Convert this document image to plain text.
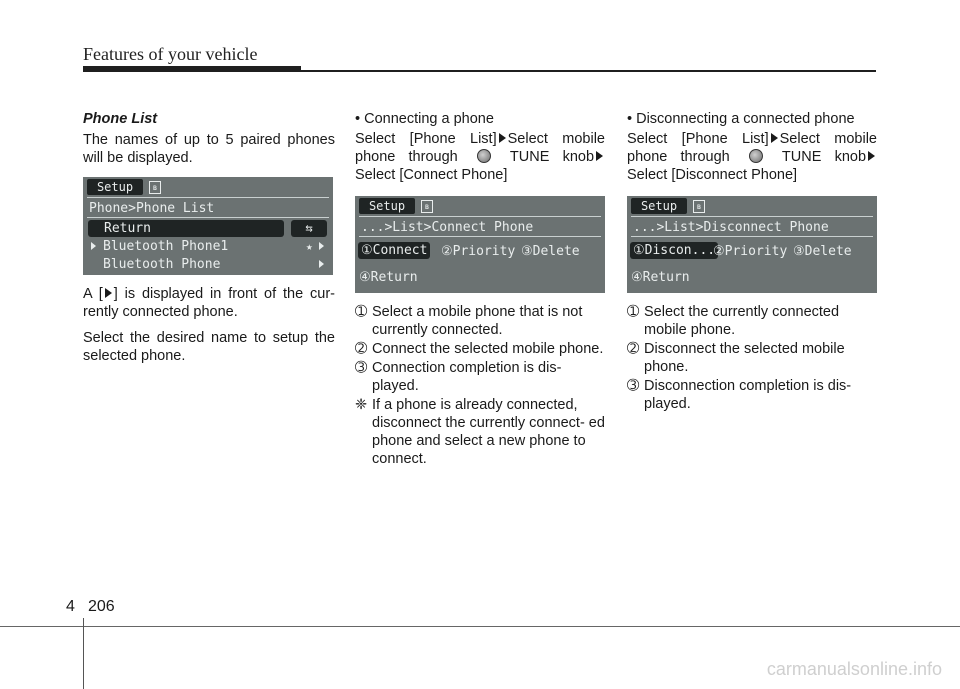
Features of your vehicle

Phone List

The names of up to 5 paired phones will be displayed.

Setup	ʙ
Phone>Phone List
Return	⇆
Bluetooth Phone1	★
Bluetooth Phone

A [ ] is displayed in front of the cur- rently connected phone.

Select the desired name to setup the selected phone.

• Connecting a phone

Select [Phone List] Select mobile

phone through	TUNE knob

Select [Connect Phone]

Setup	ʙ
...>List>Connect Phone
①Connect ②Priority ③Delete
④Return

➀ Select a mobile phone that is not currently connected.

➁ Connect the selected mobile phone.

➂ Connection completion is dis- played.

❈ If a phone is already connected, disconnect the currently connect- ed phone and select a new phone to connect.

• Disconnecting a connected phone

Select [Phone List] Select mobile

phone through	TUNE knob

Select [Disconnect Phone]

Setup	ʙ
...>List>Disconnect Phone
①Discon...
②Priority ③Delete
④Return

➀ Select the currently connected mobile phone.

➁ Disconnect the selected mobile phone.

➂ Disconnection completion is dis- played.

4 206
carmanualsonline.info
